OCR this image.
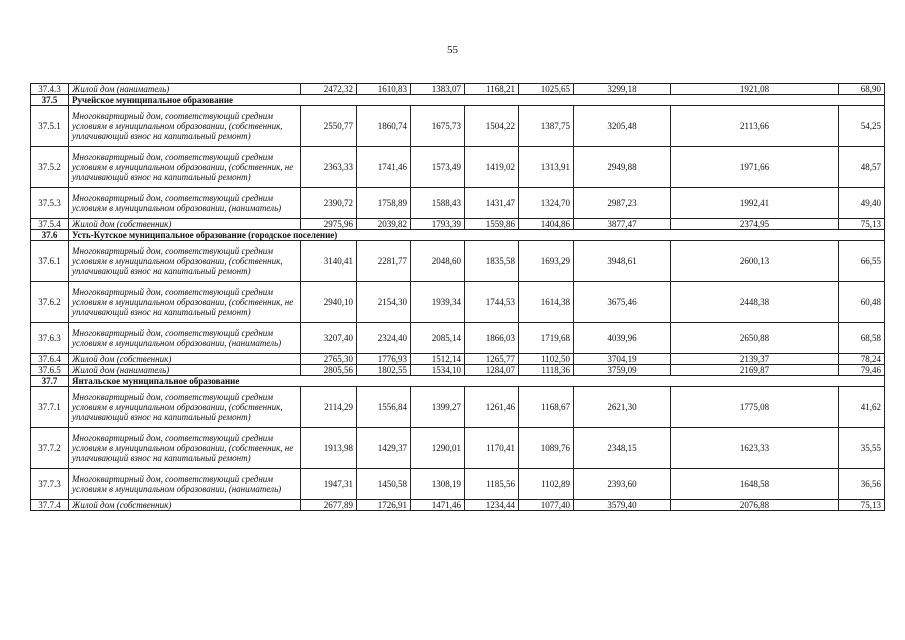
55
37.4.3	Жилой дом (наниматель)	2472,32	1610,83	1383,07	1168,21	1025,65	3299,18	1921,08	68,90
37.5	Ручейское муниципальное образование								
37.5.1	Многоквартирный дом, соответствующий средним условиям в муниципальном образовании, (собственник, уплачивающий взнос на капитальный ремонт)	2550,77	1860,74	1675,73	1504,22	1387,75	3205,48	2113,66	54,25
37.5.2	Многоквартирный дом, соответствующий средним условиям в муниципальном образовании, (собственник, не уплачивающий взнос на капитальный ремонт)	2363,33	1741,46	1573,49	1419,02	1313,91	2949,88	1971,66	48,57
37.5.3	Многоквартирный дом, соответствующий средним условиям в муниципальном образовании, (наниматель)	2390,72	1758,89	1588,43	1431,47	1324,70	2987,23	1992,41	49,40
37.5.4	Жилой дом (собственник)	2975,96	2039,82	1793,39	1559,86	1404,86	3877,47	2374,95	75,13
37.6	Усть-Кутское муниципальное образование (городское поселение)								
37.6.1	Многоквартирный дом, соответствующий средним условиям в муниципальном образовании, (собственник, уплачивающий взнос на капитальный ремонт)	3140,41	2281,77	2048,60	1835,58	1693,29	3948,61	2600,13	66,55
37.6.2	Многоквартирный дом, соответствующий средним условиям в муниципальном образовании, (собственник, не уплачивающий взнос на капитальный ремонт)	2940,10	2154,30	1939,34	1744,53	1614,38	3675,46	2448,38	60,48
37.6.3	Многоквартирный дом, соответствующий средним условиям в муниципальном образовании, (наниматель)	3207,40	2324,40	2085,14	1866,03	1719,68	4039,96	2650,88	68,58
37.6.4	Жилой дом (собственник)	2765,30	1776,93	1512,14	1265,77	1102,50	3704,19	2139,37	78,24
37.6.5	Жилой дом (наниматель)	2805,56	1802,55	1534,10	1284,07	1118,36	3759,09	2169,87	79,46
37.7	Янтальское муниципальное образование								
37.7.1	Многоквартирный дом, соответствующий средним условиям в муниципальном образовании, (собственник, уплачивающий взнос на капитальный ремонт)	2114,29	1556,84	1399,27	1261,46	1168,67	2621,30	1775,08	41,62
37.7.2	Многоквартирный дом, соответствующий средним условиям в муниципальном образовании, (собственник, не уплачивающий взнос на капитальный ремонт)	1913,98	1429,37	1290,01	1170,41	1089,76	2348,15	1623,33	35,55
37.7.3	Многоквартирный дом, соответствующий средним условиям в муниципальном образовании, (наниматель)	1947,31	1450,58	1308,19	1185,56	1102,89	2393,60	1648,58	36,56
37.7.4	Жилой дом (собственник)	2677,89	1726,91	1471,46	1234,44	1077,40	3579,40	2076,88	75,13
